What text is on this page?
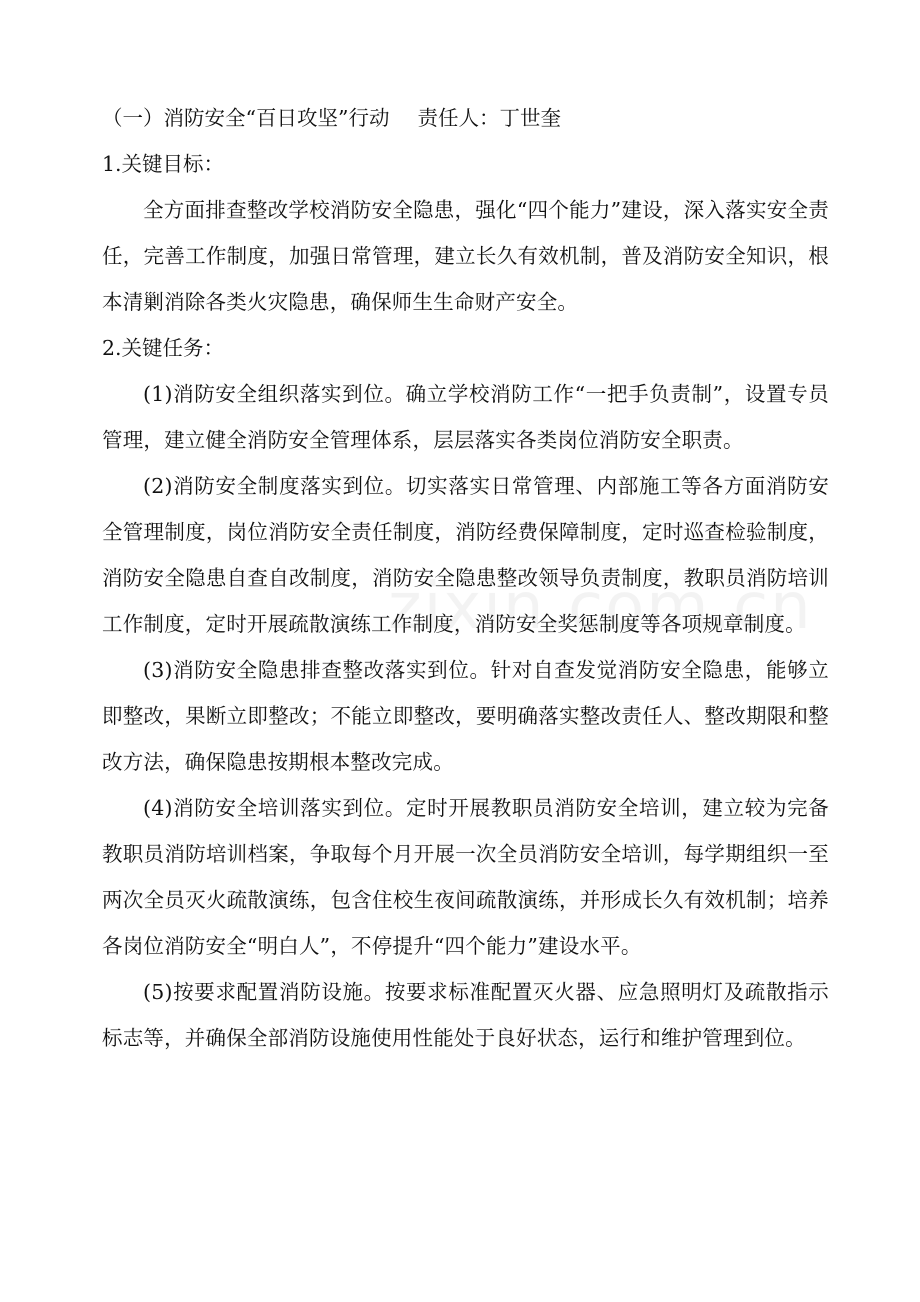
（一）消防安全“百日攻坚”行动 责任人：丁世奎

1.关键目标：

全方面排查整改学校消防安全隐患，强化“四个能力”建设，深入落实安全责任，完善工作制度，加强日常管理，建立长久有效机制，普及消防安全知识，根本清剿消除各类火灾隐患，确保师生生命财产安全。

2.关键任务：

(1)消防安全组织落实到位。确立学校消防工作“一把手负责制”，设置专员管理，建立健全消防安全管理体系，层层落实各类岗位消防安全职责。

(2)消防安全制度落实到位。切实落实日常管理、内部施工等各方面消防安全管理制度，岗位消防安全责任制度，消防经费保障制度，定时巡查检验制度，消防安全隐患自查自改制度，消防安全隐患整改领导负责制度，教职员消防培训工作制度，定时开展疏散演练工作制度，消防安全奖惩制度等各项规章制度。

(3)消防安全隐患排查整改落实到位。针对自查发觉消防安全隐患，能够立即整改，果断立即整改；不能立即整改，要明确落实整改责任人、整改期限和整改方法，确保隐患按期根本整改完成。

(4)消防安全培训落实到位。定时开展教职员消防安全培训，建立较为完备教职员消防培训档案，争取每个月开展一次全员消防安全培训，每学期组织一至两次全员灭火疏散演练，包含住校生夜间疏散演练，并形成长久有效机制；培养各岗位消防安全“明白人”，不停提升“四个能力”建设水平。

(5)按要求配置消防设施。按要求标准配置灭火器、应急照明灯及疏散指示标志等，并确保全部消防设施使用性能处于良好状态，运行和维护管理到位。
